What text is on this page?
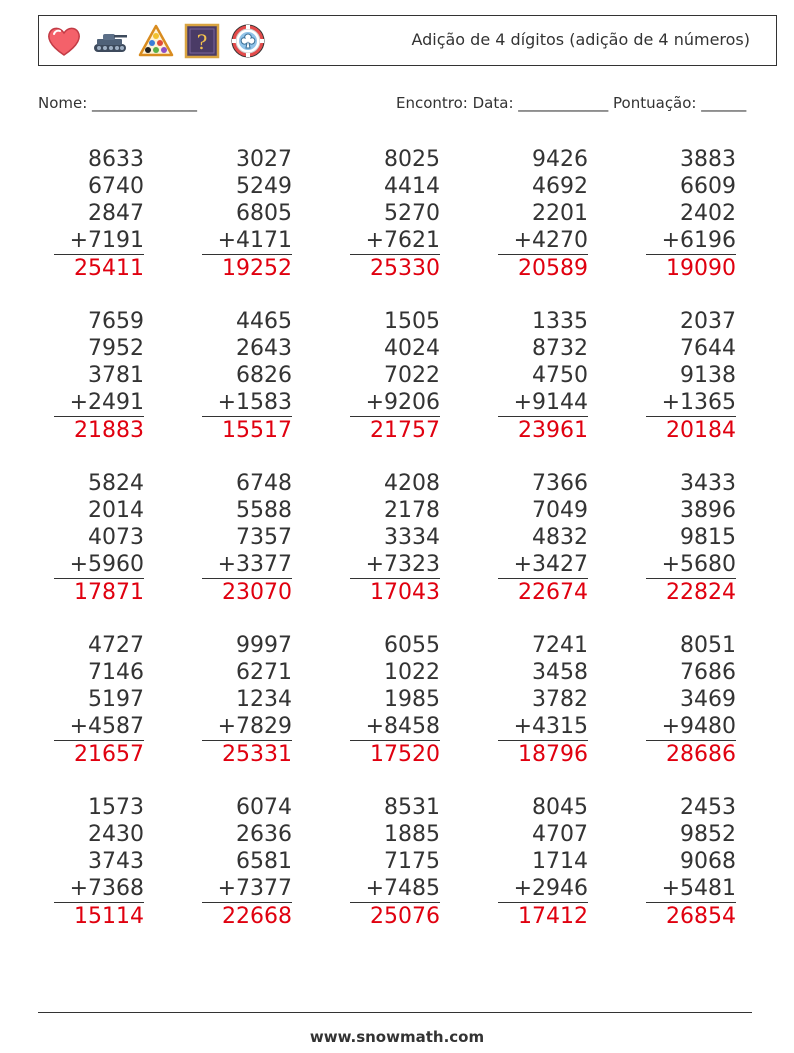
?	Adição de 4 dígitos (adição de 4 números)
Nome: ______________	Encontro: Data: ____________ Pontuação: ______
8633
6740
2847
+7191
25411
3027
5249
6805
+4171
19252
8025
4414
5270
+7621
25330
9426
4692
2201
+4270
20589
3883
6609
2402
+6196
19090
7659
7952
3781
+2491
21883
4465
2643
6826
+1583
15517
1505
4024
7022
+9206
21757
1335
8732
4750
+9144
23961
2037
7644
9138
+1365
20184
5824
2014
4073
+5960
17871
6748
5588
7357
+3377
23070
4208
2178
3334
+7323
17043
7366
7049
4832
+3427
22674
3433
3896
9815
+5680
22824
4727
7146
5197
+4587
21657
9997
6271
1234
+7829
25331
6055
1022
1985
+8458
17520
7241
3458
3782
+4315
18796
8051
7686
3469
+9480
28686
1573
2430
3743
+7368
15114
6074
2636
6581
+7377
22668
8531
1885
7175
+7485
25076
8045
4707
1714
+2946
17412
2453
9852
9068
+5481
26854
www.snowmath.com
